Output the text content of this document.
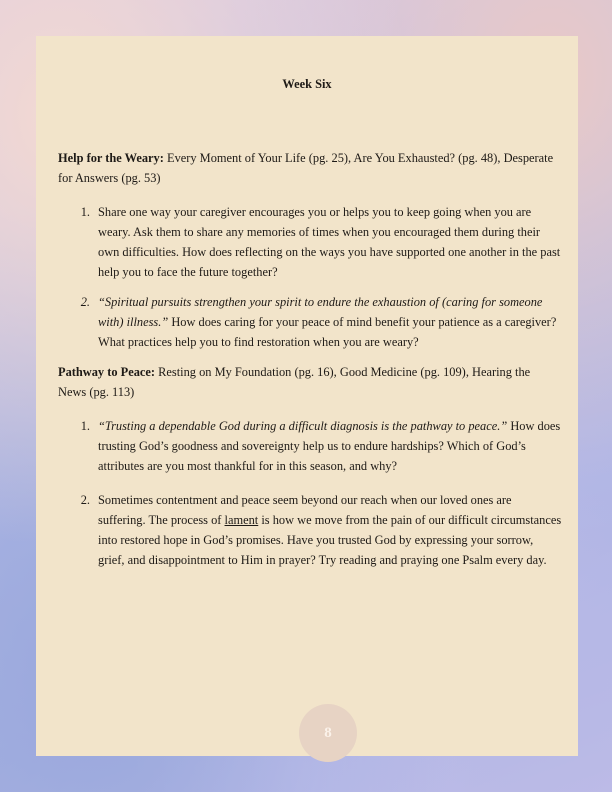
Week Six
Help for the Weary: Every Moment of Your Life (pg. 25), Are You Exhausted? (pg. 48), Desperate for Answers (pg. 53)
1. Share one way your caregiver encourages you or helps you to keep going when you are weary. Ask them to share any memories of times when you encouraged them during their own difficulties. How does reflecting on the ways you have supported one another in the past help you to face the future together?
2. “Spiritual pursuits strengthen your spirit to endure the exhaustion of (caring for someone with) illness.” How does caring for your peace of mind benefit your patience as a caregiver? What practices help you to find restoration when you are weary?
Pathway to Peace: Resting on My Foundation (pg. 16), Good Medicine (pg. 109), Hearing the News (pg. 113)
1. “Trusting a dependable God during a difficult diagnosis is the pathway to peace.” How does trusting God’s goodness and sovereignty help us to endure hardships? Which of God’s attributes are you most thankful for in this season, and why?
2. Sometimes contentment and peace seem beyond our reach when our loved ones are suffering. The process of lament is how we move from the pain of our difficult circumstances into restored hope in God’s promises. Have you trusted God by expressing your sorrow, grief, and disappointment to Him in prayer? Try reading and praying one Psalm every day.
8
